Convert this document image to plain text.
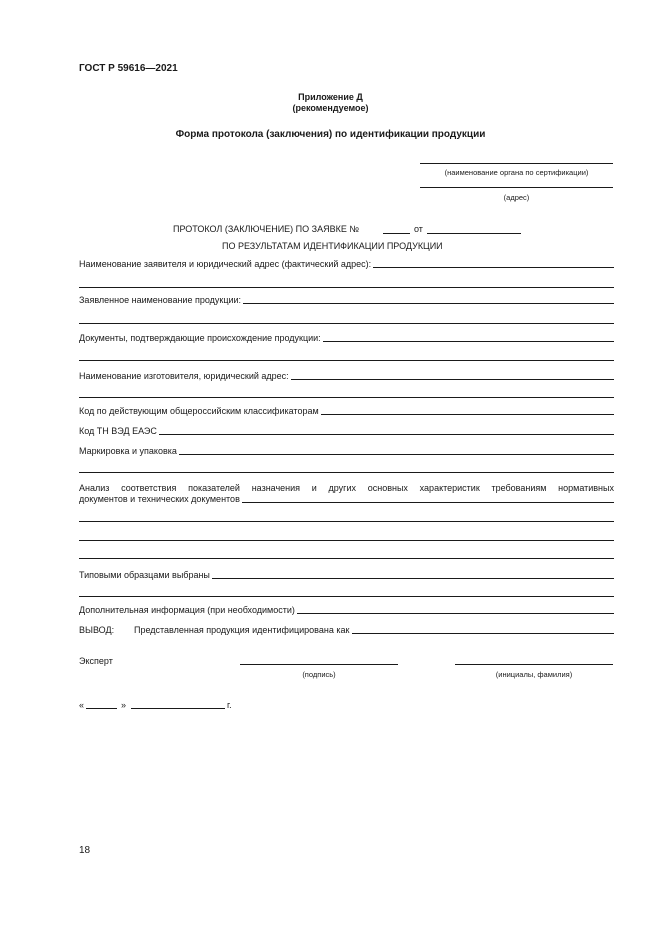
ГОСТ Р 59616—2021
Приложение Д
(рекомендуемое)
Форма протокола (заключения) по идентификации продукции
(наименование органа по сертификации)
(адрес)
ПРОТОКОЛ (ЗАКЛЮЧЕНИЕ) ПО ЗАЯВКЕ №	от
ПО РЕЗУЛЬТАТАМ ИДЕНТИФИКАЦИИ ПРОДУКЦИИ
Наименование заявителя и юридический адрес (фактический адрес):
Заявленное наименование продукции:
Документы, подтверждающие происхождение продукции:
Наименование изготовителя, юридический адрес:
Код по действующим общероссийским классификаторам
Код ТН ВЭД ЕАЭС
Маркировка и упаковка
Анализ соответствия показателей назначения и других основных характеристик требованиям нормативных
документов и технических документов
Типовыми образцами выбраны
Дополнительная информация (при необходимости)
ВЫВОД: Представленная продукция идентифицирована как
Эксперт
(подпись)	(инициалы, фамилия)
«	»	г.
18
